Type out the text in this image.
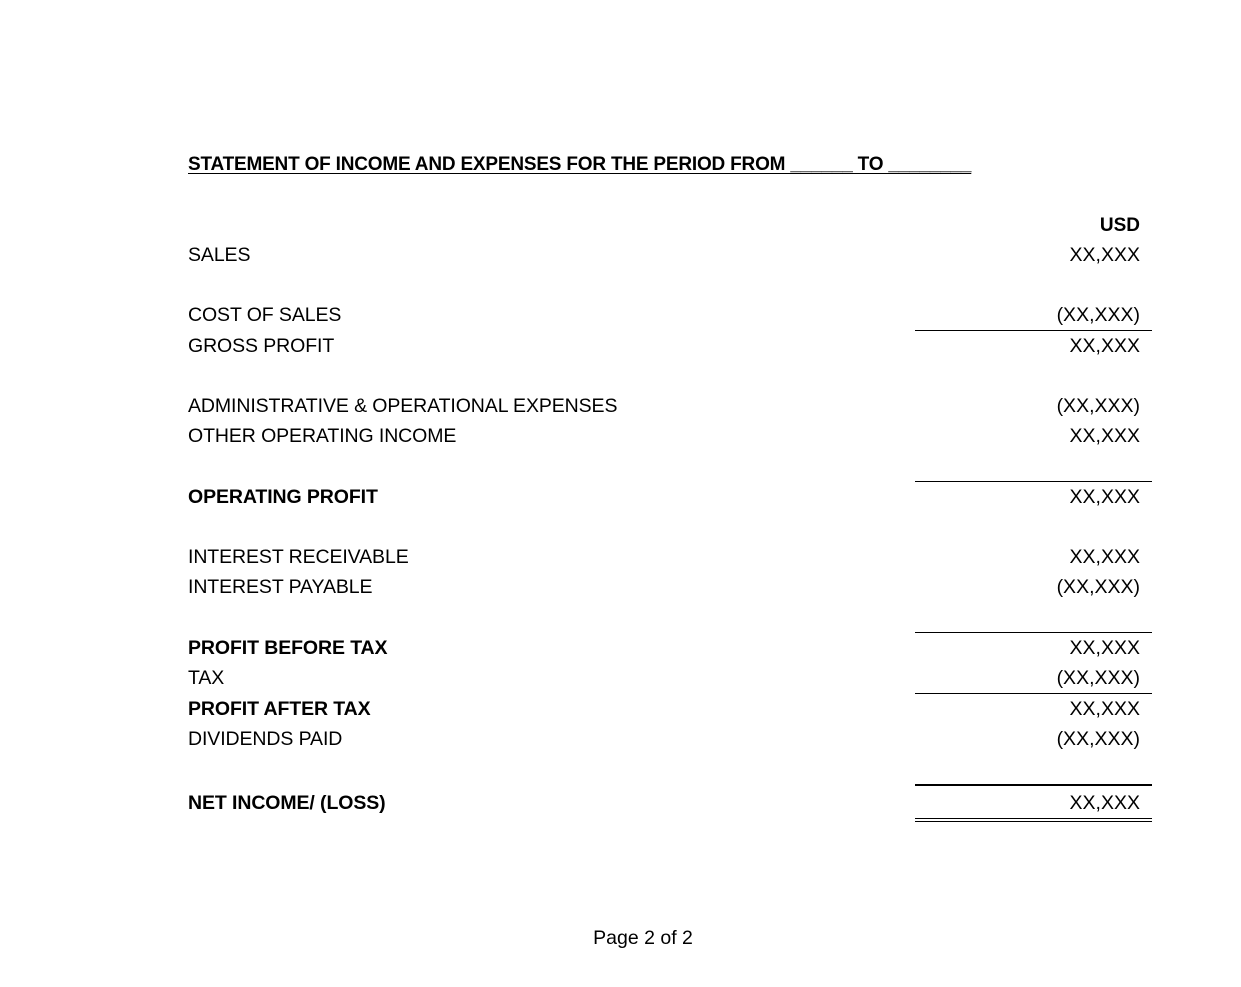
STATEMENT OF INCOME AND EXPENSES FOR THE PERIOD FROM ______ TO ________
USD
SALES	XX,XXX
COST OF SALES	(XX,XXX)
GROSS PROFIT	XX,XXX
ADMINISTRATIVE & OPERATIONAL EXPENSES	(XX,XXX)
OTHER OPERATING INCOME	XX,XXX
OPERATING PROFIT	XX,XXX
INTEREST RECEIVABLE	XX,XXX
INTEREST PAYABLE	(XX,XXX)
PROFIT BEFORE TAX	XX,XXX
TAX	(XX,XXX)
PROFIT AFTER TAX	XX,XXX
DIVIDENDS PAID	(XX,XXX)
NET INCOME/ (LOSS)	XX,XXX
Page 2 of 2
